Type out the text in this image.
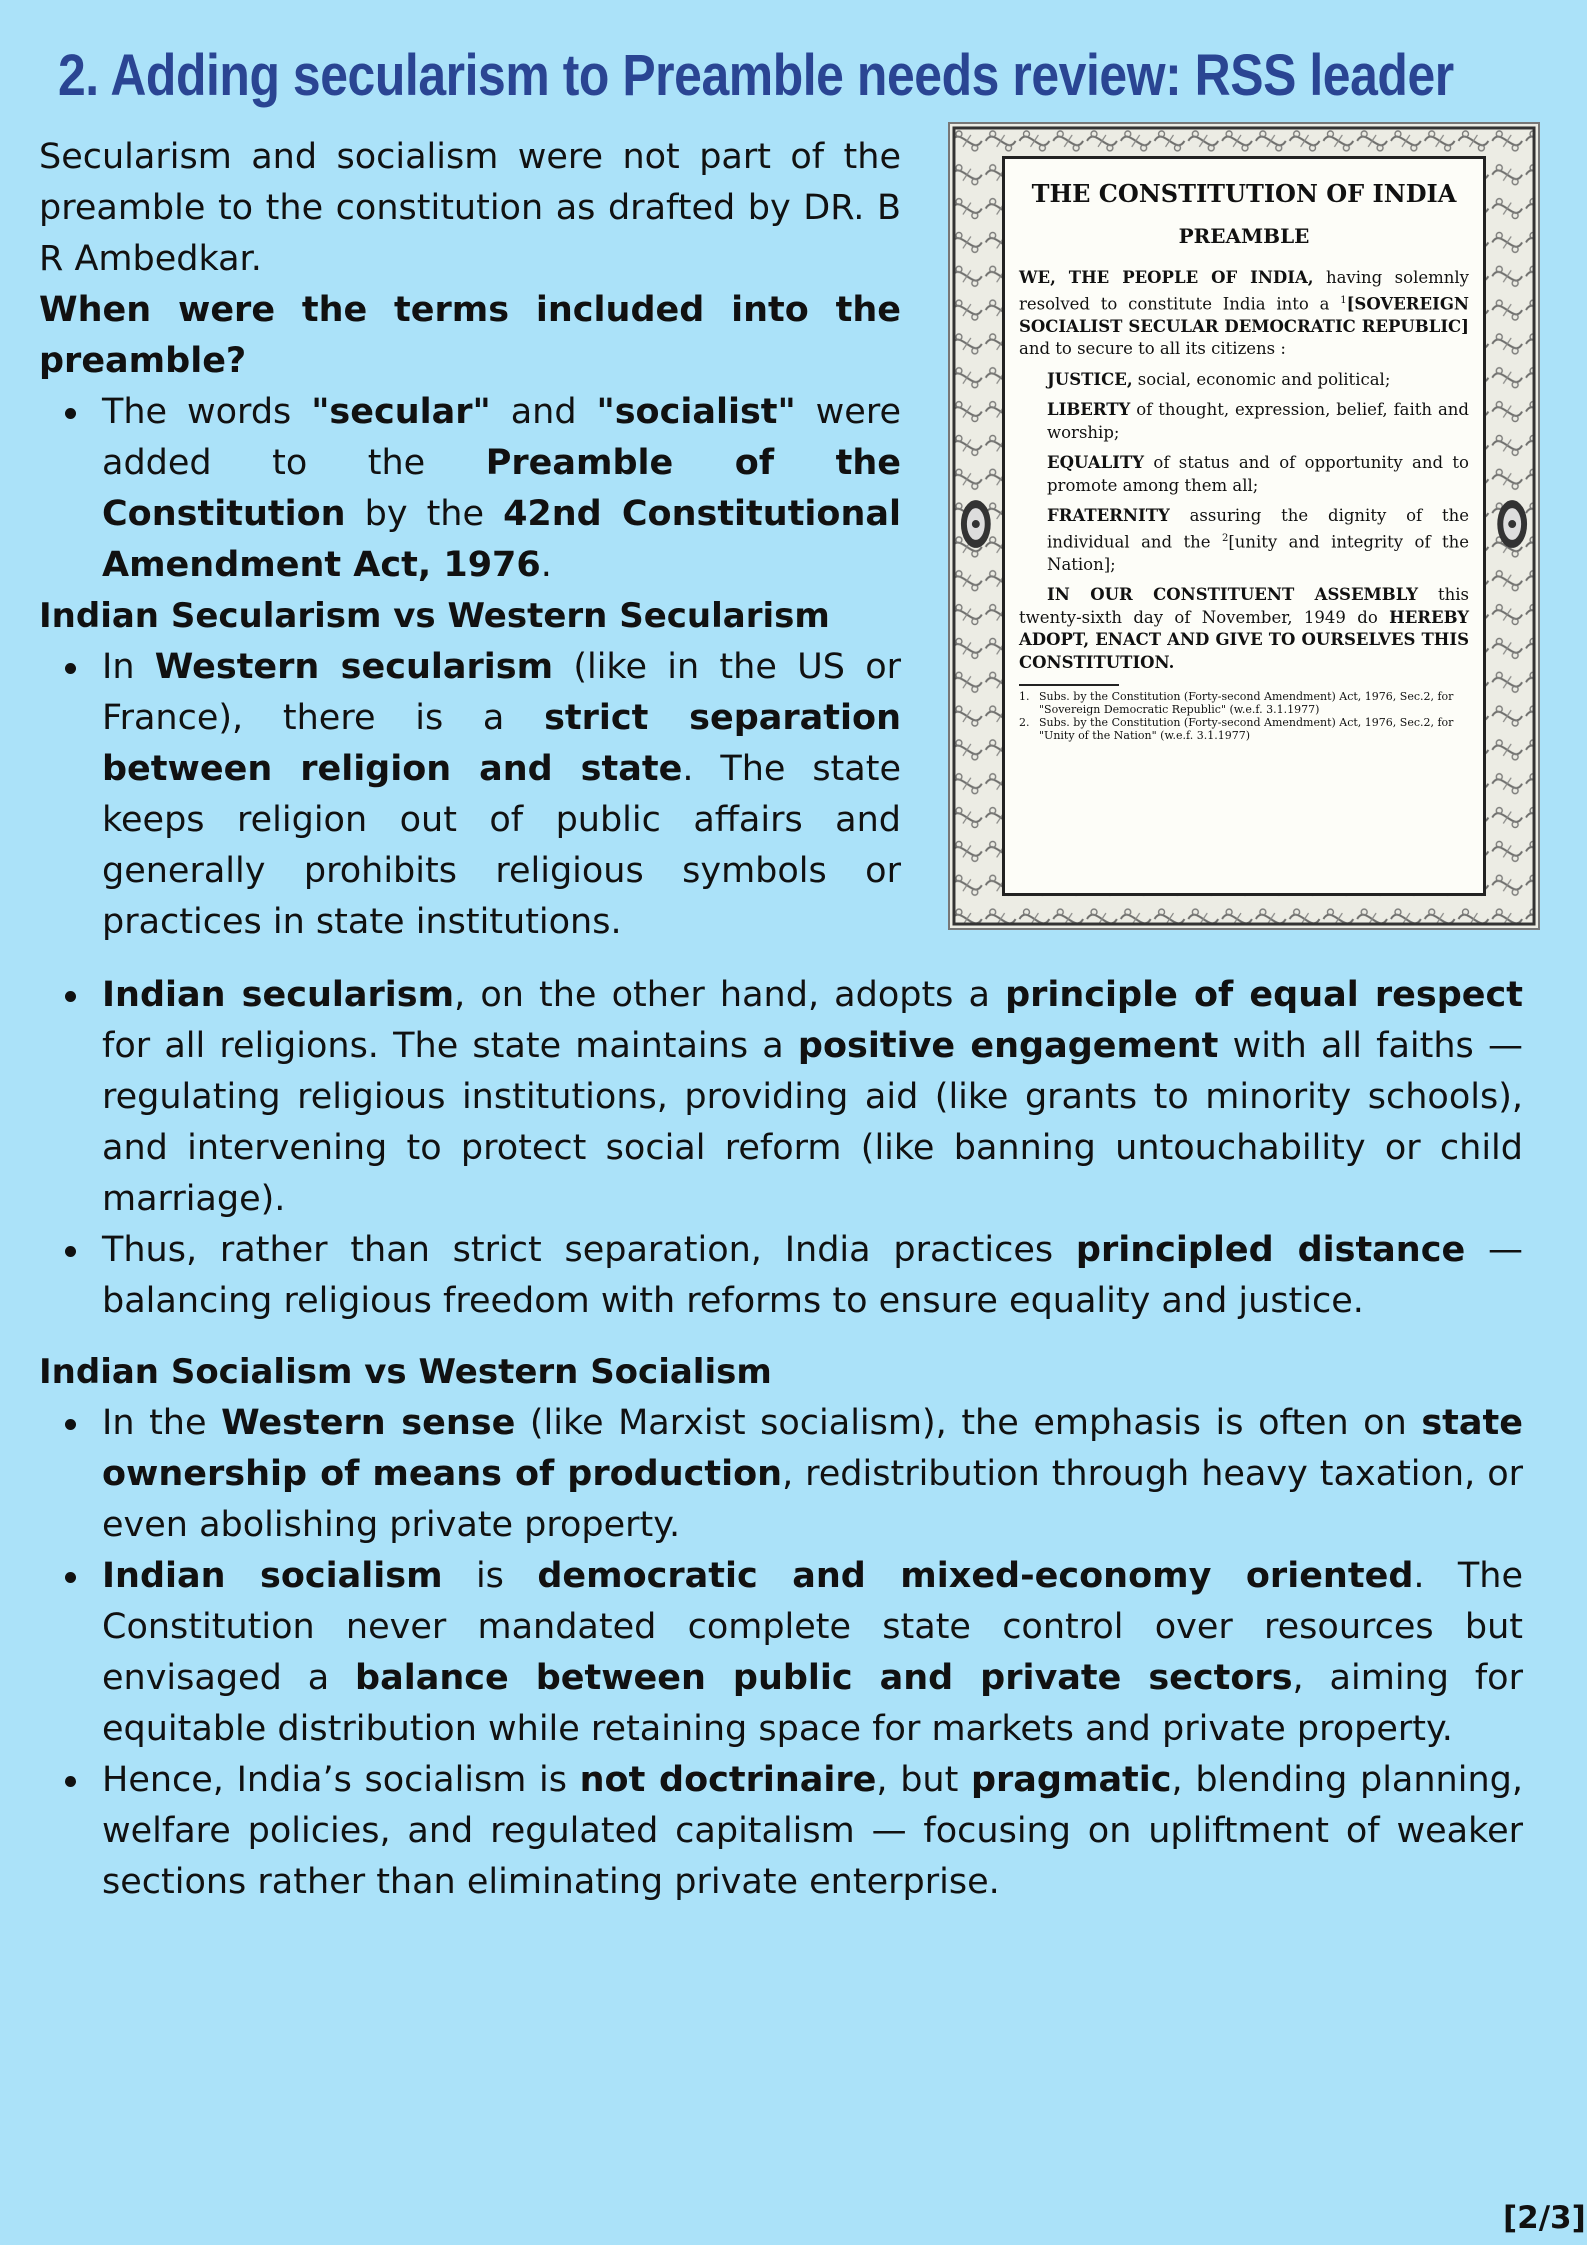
2. Adding secularism to Preamble needs review: RSS leader

Secularism and socialism were not part of the preamble to the constitution as drafted by DR. B R Ambedkar.

When were the terms included into the preamble?

The words "secular" and "socialist" were added to the Preamble of the Constitution by the 42nd Constitutional Amendment Act, 1976.

Indian Secularism vs Western Secularism

In Western secularism (like in the US or France), there is a strict separation between religion and state. The state keeps religion out of public affairs and generally prohibits religious symbols or practices in state institutions.

THE CONSTITUTION OF INDIA

PREAMBLE

WE, THE PEOPLE OF INDIA, having solemnly resolved to constitute India into a $^1$[SOVEREIGN SOCIALIST SECULAR DEMOCRATIC REPUBLIC] and to secure to all its citizens :

JUSTICE, social, economic and political;

LIBERTY of thought, expression, belief, faith and worship;

EQUALITY of status and of opportunity and to promote among them all;

FRATERNITY assuring the dignity of the individual and the $^2$[unity and integrity of the Nation];

IN OUR CONSTITUENT ASSEMBLY this twenty-sixth day of November, 1949 do HEREBY ADOPT, ENACT AND GIVE TO OURSELVES THIS CONSTITUTION.

1. Subs. by the Constitution (Forty-second Amendment) Act, 1976, Sec.2, for "Sovereign Democratic Republic" (w.e.f. 3.1.1977)

2. Subs. by the Constitution (Forty-second Amendment) Act, 1976, Sec.2, for "Unity of the Nation" (w.e.f. 3.1.1977)

Indian secularism, on the other hand, adopts a principle of equal respect for all religions. The state maintains a positive engagement with all faiths — regulating religious institutions, providing aid (like grants to minority schools), and intervening to protect social reform (like banning untouchability or child marriage).
Thus, rather than strict separation, India practices principled distance — balancing religious freedom with reforms to ensure equality and justice.

Indian Socialism vs Western Socialism

In the Western sense (like Marxist socialism), the emphasis is often on state ownership of means of production, redistribution through heavy taxation, or even abolishing private property.
Indian socialism is democratic and mixed-economy oriented. The Constitution never mandated complete state control over resources but envisaged a balance between public and private sectors, aiming for equitable distribution while retaining space for markets and private property.
Hence, India’s socialism is not doctrinaire, but pragmatic, blending planning, welfare policies, and regulated capitalism — focusing on upliftment of weaker sections rather than eliminating private enterprise.

[2/3]
